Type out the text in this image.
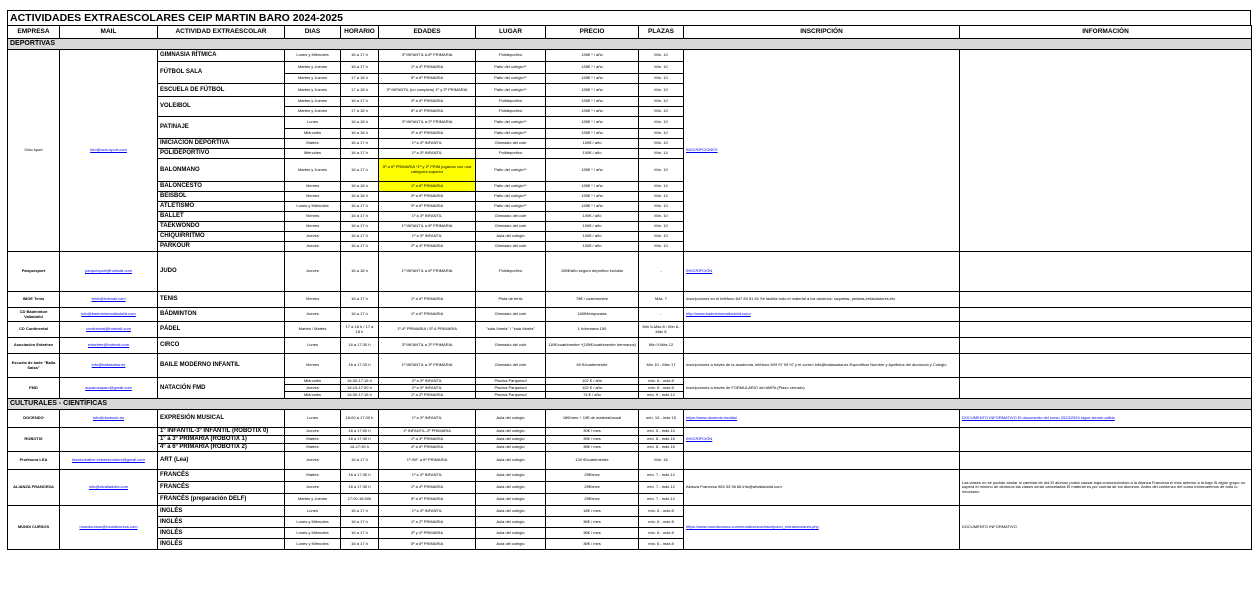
ACTIVIDADES EXTRAESCOLARES CEIP MARTIN BARO 2024-2025
EMPRESA	MAIL	ACTIVIDAD EXTRAESCOLAR	DIAS	HORARIO	EDADES	LUGAR	PRECIO	PLAZAS	INSCRIPCIÓN	INFORMACIÓN
DEPORTIVAS										
Ocio sport	info@ocio-sport.com	GIMNASIA RÍTMICA	Lunes y Miércoles	16 a 17 h	3º INFANTIL A 6º PRIMARIA	Polideportivo	135€ * / año	Mín. 10	INSCRIPCIONES	
		FÚTBOL SALA	Martes y Jueves	16 a 17 h	1º a 4º PRIMARIA	Patio del colegio**	135€ * / año	Mín. 10		
			Martes y Jueves	17 a 18 h	5º a 6º PRIMARIA	Patio del colegio**	135€ * / año	Mín. 10		
		ESCUELA DE FÚTBOL	Martes y Jueves	17 a 18 h	3º INFANTIL (no completo) 1º y 2º PRIMARIA	Patio del colegio**	135€ * / año	Mín. 10		
		VOLEIBOL	Martes y Jueves	16 a 17 h	3º a 6º PRIMARIA	Polideportivo	135€ * / año	Mín. 10		
			Martes y Jueves	17 a 18 h	5º a 6º PRIMARIA	Polideportivo	135€ * / año	Mín. 10		
		PATINAJE	Lunes	16 a 18 h	3º INFANTIL a 2º PRIMARIA	Patio del colegio**	135€ * / año	Mín. 10		
			Miércoles	16 a 18 h	3º a 6º PRIMARIA	Patio del colegio**	135€ * / año	Mín. 10		
		INICIACIÓN DEPORTIVA	Martes	16 a 17 h	1º a 3º INFANTIL	Gimnasio del cole	100€ / año	Mín. 10		
		POLIDEPORTIVO	Miércoles	16 a 17 h	1º a 3º INFANTIL	Polideportivo	100€ / año	Mín. 14		
		BALONMANO	Martes y Jueves	16 a 17 h	5º a 6º PRIMARIA *1º y 2º PRIM jugarían con una categoría superior	Patio del colegio**	135€ * / año	Mín. 10		
		BALONCESTO	Viernes	16 a 18 h	1º a 6º PRIMARIA	Patio del colegio**	135€ * / año	Mín. 14		
		BEISBOL	Viernes	16 a 18 h	3º a 6º PRIMARIA	Patio del colegio**	135€ * / año	Mín. 14		
		ATLETISMO	Lunes y Miércoles	16 a 17 h	3º a 6º PRIMARIA	Patio del colegio**	135€ * / año	Mín. 10		
		BALLET	Viernes	16 a 17 h	1º a 3º INFANTIL	Gimnasio del cole	100€ / año	Mín. 10		
		TAEKWONDO	Viernes	16 a 17 h	1º INFANTIL a 6º PRIMARIA	Gimnasio del cole	100€ / año	Mín. 10		
		CHIQUIRRITMO	Jueves	16 a 17 h	1º a 3º INFANTIL	Aula del colegio	100€ / año	Mín. 10		
		PARKOUR	Jueves	16 a 17 h	2º a 4º PRIMARIA	Gimnasio del cole	100€ / año	Mín. 10		
Parquesport	parquesport@hotmail.com	JUDO	Jueves	16 a 18 h	1º INFANTIL a 6º PRIMARIA	Polideportivo	155€/año seguro deportivo incluido	-	INSCRIPCIÓN	
IMOE Tenis	tenis@hotmail.com	TENIS	Viernes	16 a 17 h	1º a 6º PRIMARIA	Pista de tenis	78€ / cuatrimestre	Máx. 7	Inscripciones en el teléfono 647 84 51 61 Se facilita todo el material a los alumnos: raquetas, pelotas,enfaldadores,etc	
CD Bádminton Valladolid	info@badmintonvalladolid.com	BÁDMINTON	Jueves	16 a 17 h	1º a 6º PRIMARIA	Gimnasio del cole	160€/temporada	-	http://www.badmintonvalladolid.com/	
CD Continental	continental@hotmail.com	PÁDEL	Martes / Martes	17 a 18 h / 17 a 18 h	1º-4º PRIMARIA / 5º-6 PRIMARIA	"sala Varela" / "sala Varela"	1 h/semana 150	Mín 6-Máx 8 / Mín 6-Máx 8		
Asociación Extarhee	extarhee@hotmail.com	CIRCO	Lunes	16 a 17:30 h	3º INFANTIL a 3º PRIMARIA	Gimnasio del cole	110€/cuatrimestre *(105€/cuatrimestre hermanos)	Mín 9-Máx 12		
Escuela de baile "Baila Salsa"	info@bailasalsa.es	BAILE MODERNO INFANTIL	Viernes	16 a 17:15 h	1º INFANTIL a 3º PRIMARIA	Gimnasio del cole	60 €/cuatrimestre	Mín 10 - Máx 17	Inscripciones a través de la academia, teléfono 609 97 99 97 y el correo info@bailasalsa.es Especificar Nombre y Apellidos del alumno/a y Colegio	
FMD	aquarosaparc@gmail.com	NATACIÓN FMD	Miércoles	16:30-17:15 h	2º a 3º INFANTIL	Piscina Parquesol	102 € / año	mín. 6 - máx 8	Inscripciones a través de FORMULARIO del AMPA (Plazo cerrado)	
			Jueves	16:15-17:00 h	2º a 3º INFANTIL	Piscina Parquesol	102 € / año	mín. 6 - máx 8		
			Miércoles	16:30-17:15 h	1º a 2º PRIMARIA	Piscina Parquesol	74 € / año	mín. 9 - máx 12		
CULTURALES - CIENTÍFICAS										
DOCENDO	info@docendo.es	EXPRESIÓN MUSICAL	Lunes	16:00 a 17:00 h	1º a 3º INFANTIL	Aula del colegio	18€/mes + 10€ de material/anual	mín. 10 - máx 15	https://www.docendo.es/alta/	DOCUMENTO INFORMATIVO El documento del curso 2023/2024 sigue siendo válido
ROBOTIX		1º INFANTIL-3º INFANTIL (ROBOTIX 0)	Jueves	16 a 17:00 h	1º INFANTIL-3º PRIMARIA	Aula del colegio	30€ / mes	mín. 5 - máx 10	INSCRIPCIÓN	
		1º a 3º PRIMARIA (ROBOTIX 1)	Martes	16 a 17:30 h	1º a 3º PRIMARIA	Aula del colegio	35€ / mes	mín. 8 - máx 15		
		4º a 6º PRIMARIA (ROBOTIX 2)	Martes	16-17:30 h	4º a 6º PRIMARIA	Aula del colegio	38€ / mes	mín. 8 - máx 15		
Profesora LEA	blackcreative.extraescolares@gmail.com	ART (Lea)	Jueves	16 a 17 h	1º INF. a 6º PRIMARIA	Aula del colegio	100 €/cuatrimestre	Mín. 16		
ALIANZA FRANCESA	info@afvalladolid.com	FRANCÉS	Martes	16 a 17:30 h	1º a 3º INFANTIL	Aula del colegio	29€/mes	mín. 7 - máx 12	Alianza Francesa 983 33 96 66 info@afvalladolid.com	Las clases no se podrán anular ni cambiar de día El alumno podrá causar baja comunicándolo a la Alianza Francesa el mes anterior a la baja Si algún grupo no supera el mínimo de alumnos las clases serán canceladas El material es por cuenta de los alumnos. Antes del comienzo del curso informaremos de todo lo necesario
		FRANCÉS	Jueves	16 a 17:30 h	1º a 4º PRIMARIA	Aula del colegio	29€/mes	mín. 7 - máx 12		
		FRANCÉS (preparación DELF)	Martes y Jueves	17:00-18:00h	5º a 6º PRIMARIA	Aula del colegio	29€/mes	mín. 7 - máx 12		
MUNDI CURSOS	mundicursos@mundicursos.com	INGLÉS	Lunes	16 a 17 h	1º a 3º INFANTIL	Aula del colegio	18€ / mes	mín. 6 - máx 8	https://www.mundicursos.com/mundicursos/inscripcion_extraescolares.php	DOCUMENTO INFORMATIVO
		INGLÉS	Lunes y Miércoles	16 a 17 h	1º a 2º PRIMARIA	Aula del colegio	36€ / mes	mín. 6 - máx 8		
		INGLÉS	Lunes y Miércoles	16 a 17 h	3º y 4º PRIMARIA	Aula del colegio	36€ / mes	mín. 6 - máx 8		
		INGLÉS	Lunes y Miércoles	16 a 17 h	5º a 6º PRIMARIA	Aula del colegio	36€ / mes	mín. 6 - máx 8		
